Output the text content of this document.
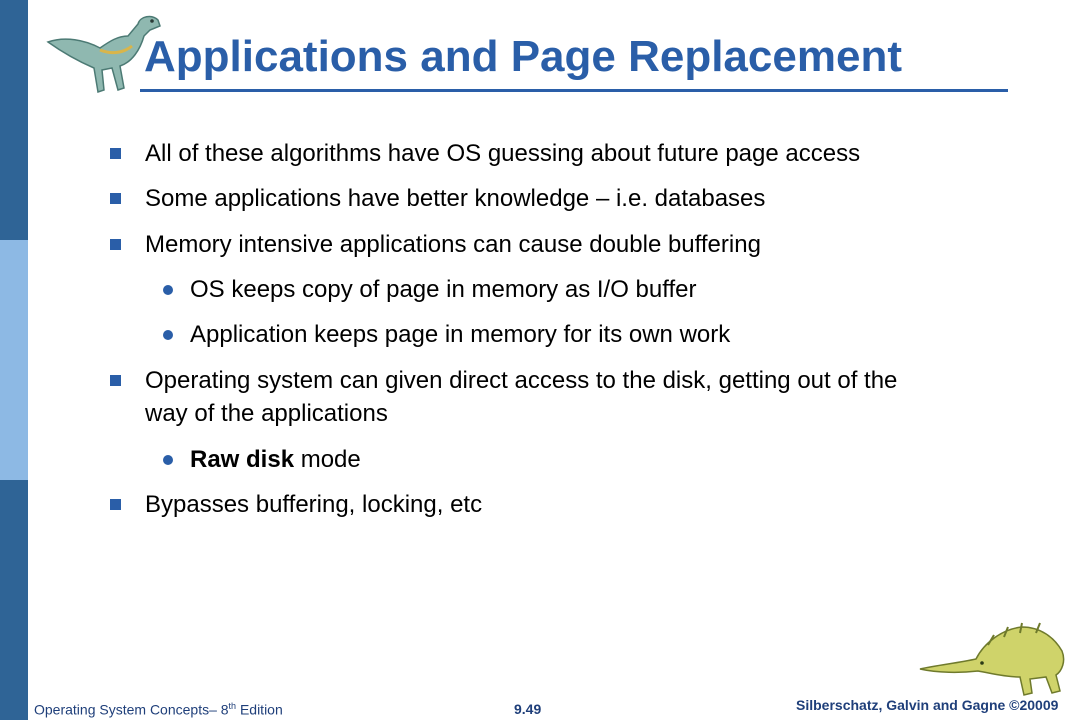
Applications and Page Replacement
All of these algorithms have OS guessing about future page access
Some applications have better knowledge – i.e. databases
Memory intensive applications can cause double buffering
OS keeps copy of page in memory as I/O buffer
Application keeps page in memory for its own work
Operating system can given direct access to the disk, getting out of the
way of the applications
Raw disk mode
Bypasses buffering, locking, etc
Operating System Concepts– 8th Edition	9.49	Silberschatz, Galvin and Gagne ©20009
